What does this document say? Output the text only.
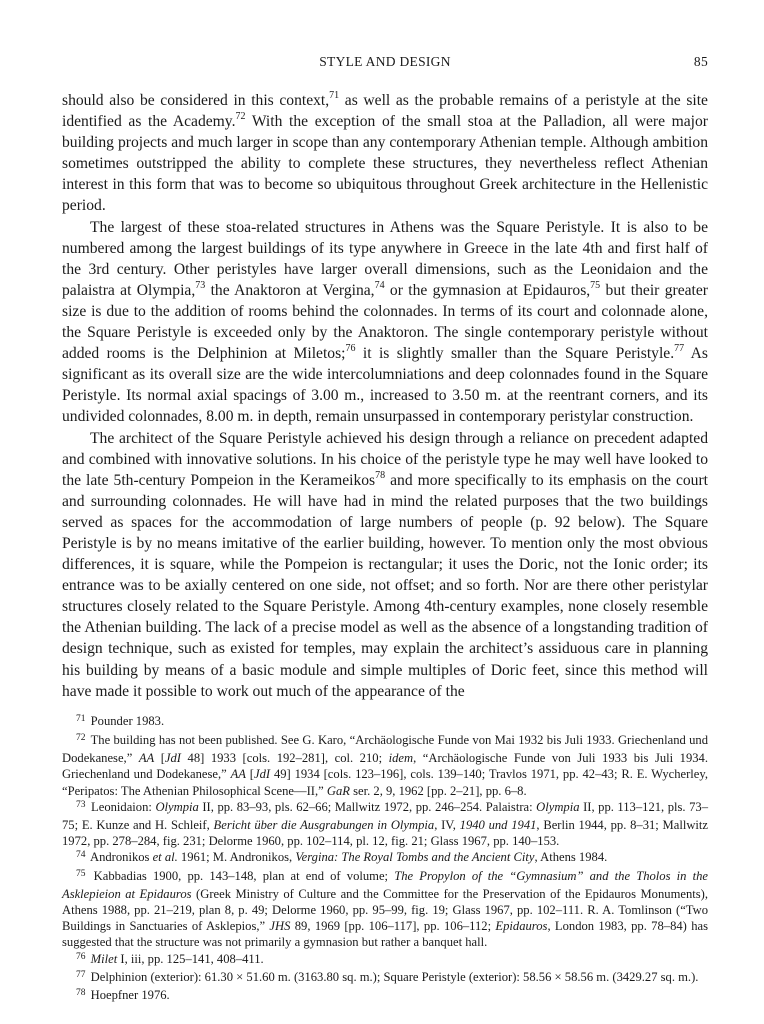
STYLE AND DESIGN	85

should also be considered in this context,$^{71}$ as well as the probable remains of a peristyle at the site identified as the Academy.$^{72}$ With the exception of the small stoa at the Palladion, all were major building projects and much larger in scope than any contemporary Athenian temple. Although ambition sometimes outstripped the ability to complete these structures, they nevertheless reflect Athenian interest in this form that was to become so ubiquitous throughout Greek architecture in the Hellenistic period.

The largest of these stoa-related structures in Athens was the Square Peristyle. It is also to be numbered among the largest buildings of its type anywhere in Greece in the late 4th and first half of the 3rd century. Other peristyles have larger overall dimensions, such as the Leonidaion and the palaistra at Olympia,$^{73}$ the Anaktoron at Vergina,$^{74}$ or the gymnasion at Epidauros,$^{75}$ but their greater size is due to the addition of rooms behind the colonnades. In terms of its court and colonnade alone, the Square Peristyle is exceeded only by the Anaktoron. The single contemporary peristyle without added rooms is the Delphinion at Miletos;$^{76}$ it is slightly smaller than the Square Peristyle.$^{77}$ As significant as its overall size are the wide intercolumniations and deep colonnades found in the Square Peristyle. Its normal axial spacings of 3.00 m., increased to 3.50 m. at the reentrant corners, and its undivided colonnades, 8.00 m. in depth, remain unsurpassed in contemporary peristylar construction.

The architect of the Square Peristyle achieved his design through a reliance on precedent adapted and combined with innovative solutions. In his choice of the peristyle type he may well have looked to the late 5th-century Pompeion in the Kerameikos$^{78}$ and more specifically to its emphasis on the court and surrounding colonnades. He will have had in mind the related purposes that the two buildings served as spaces for the accommodation of large numbers of people (p. 92 below). The Square Peristyle is by no means imitative of the earlier building, however. To mention only the most obvious differences, it is square, while the Pompeion is rectangular; it uses the Doric, not the Ionic order; its entrance was to be axially centered on one side, not offset; and so forth. Nor are there other peristylar structures closely related to the Square Peristyle. Among 4th-century examples, none closely resemble the Athenian building. The lack of a precise model as well as the absence of a longstanding tradition of design technique, such as existed for temples, may explain the architect’s assiduous care in planning his building by means of a basic module and simple multiples of Doric feet, since this method will have made it possible to work out much of the appearance of the

$^{71}$ Pounder 1983.

$^{72}$ The building has not been published. See G. Karo, “Archäologische Funde von Mai 1932 bis Juli 1933. Griechenland und Dodekanese,” AA [JdI 48] 1933 [cols. 192–281], col. 210; idem, “Archäologische Funde von Juli 1933 bis Juli 1934. Griechenland und Dodekanese,” AA [JdI 49] 1934 [cols. 123–196], cols. 139–140; Travlos 1971, pp. 42–43; R. E. Wycherley, “Peripatos: The Athenian Philosophical Scene—II,” GaR ser. 2, 9, 1962 [pp. 2–21], pp. 6–8.

$^{73}$ Leonidaion: Olympia II, pp. 83–93, pls. 62–66; Mallwitz 1972, pp. 246–254. Palaistra: Olympia II, pp. 113–121, pls. 73–75; E. Kunze and H. Schleif, Bericht über die Ausgrabungen in Olympia, IV, 1940 und 1941, Berlin 1944, pp. 8–31; Mallwitz 1972, pp. 278–284, fig. 231; Delorme 1960, pp. 102–114, pl. 12, fig. 21; Glass 1967, pp. 140–153.

$^{74}$ Andronikos et al. 1961; M. Andronikos, Vergina: The Royal Tombs and the Ancient City, Athens 1984.

$^{75}$ Kabbadias 1900, pp. 143–148, plan at end of volume; The Propylon of the “Gymnasium” and the Tholos in the Asklepieion at Epidauros (Greek Ministry of Culture and the Committee for the Preservation of the Epidauros Monuments), Athens 1988, pp. 21–219, plan 8, p. 49; Delorme 1960, pp. 95–99, fig. 19; Glass 1967, pp. 102–111. R. A. Tomlinson (“Two Buildings in Sanctuaries of Asklepios,” JHS 89, 1969 [pp. 106–117], pp. 106–112; Epidauros, London 1983, pp. 78–84) has suggested that the structure was not primarily a gymnasion but rather a banquet hall.

$^{76}$ Milet I, iii, pp. 125–141, 408–411.

$^{77}$ Delphinion (exterior): 61.30 × 51.60 m. (3163.80 sq. m.); Square Peristyle (exterior): 58.56 × 58.56 m. (3429.27 sq. m.).

$^{78}$ Hoepfner 1976.
